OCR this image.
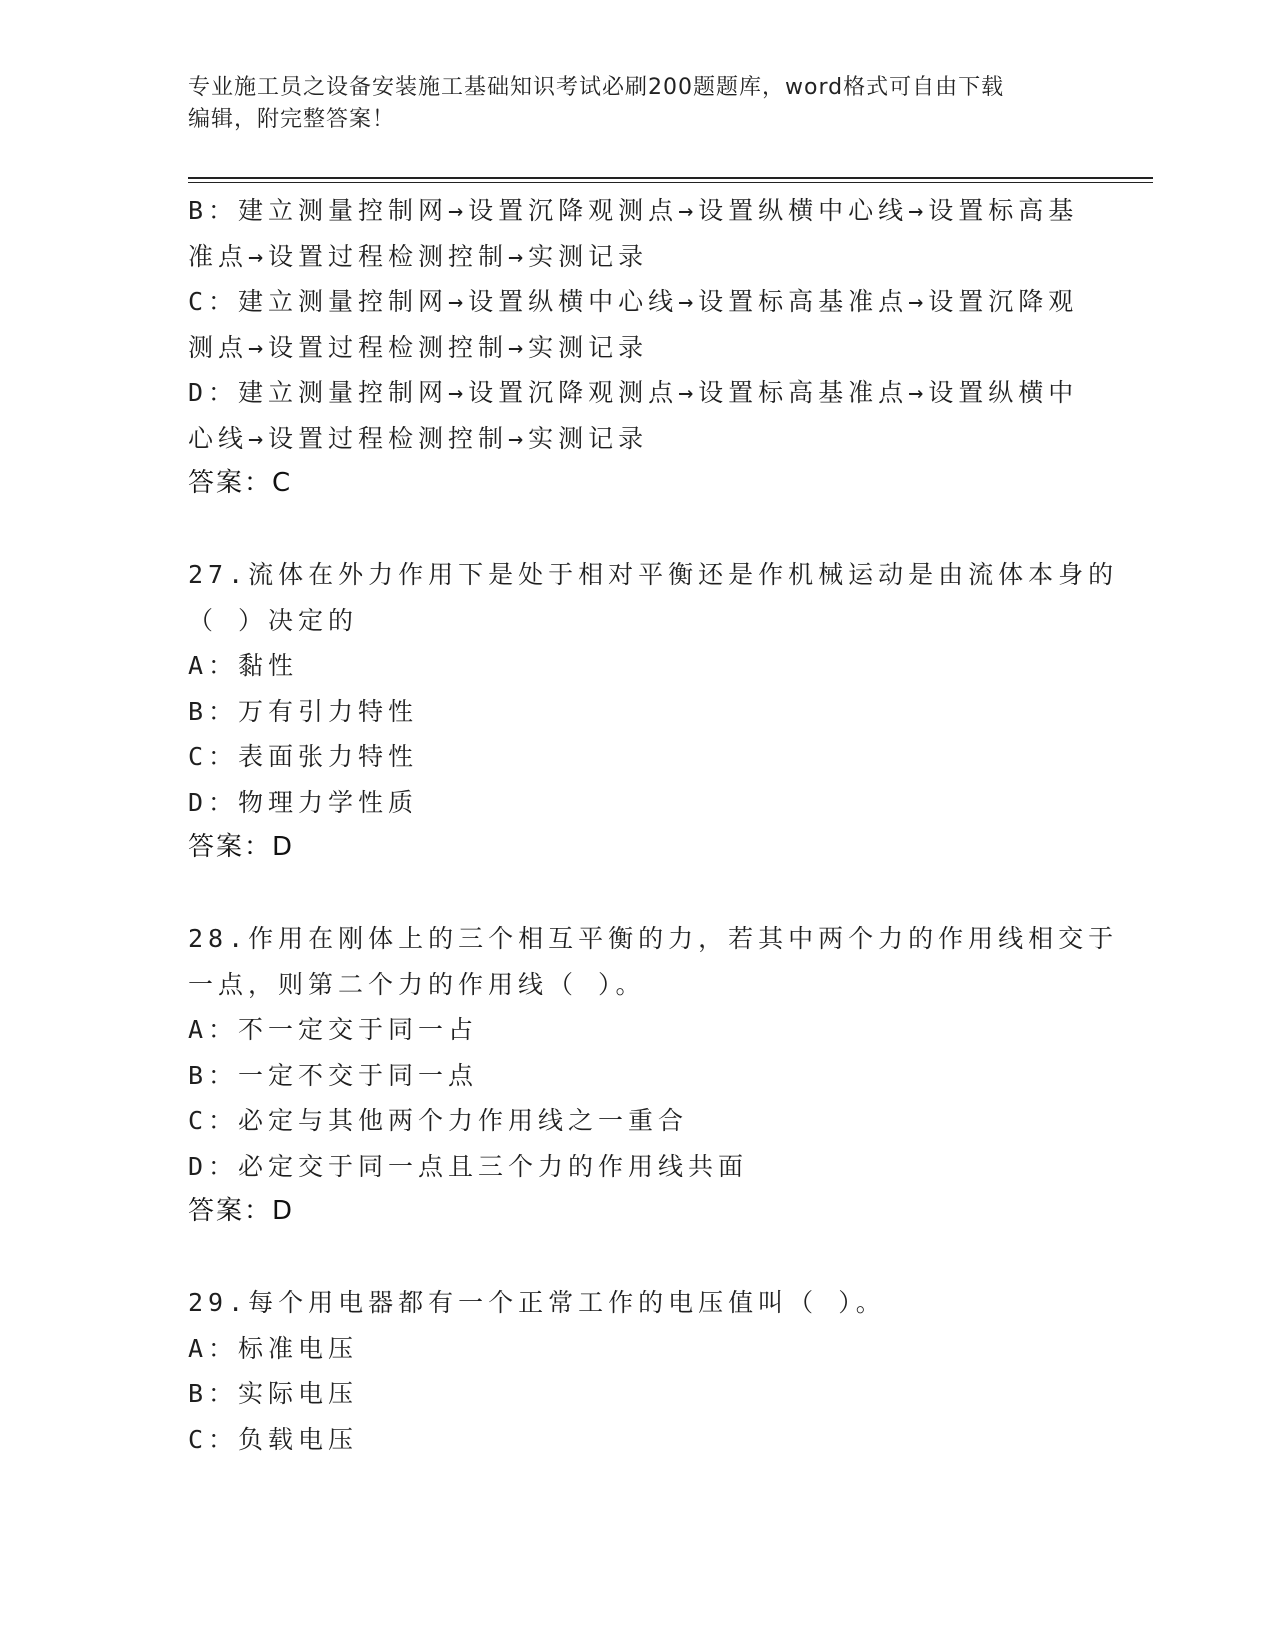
专业施工员之设备安装施工基础知识考试必刷200题题库，word格式可自由下载
编辑，附完整答案！
B：建立测量控制网→设置沉降观测点→设置纵横中心线→设置标高基
准点→设置过程检测控制→实测记录
C：建立测量控制网→设置纵横中心线→设置标高基准点→设置沉降观
测点→设置过程检测控制→实测记录
D：建立测量控制网→设置沉降观测点→设置标高基准点→设置纵横中
心线→设置过程检测控制→实测记录
答案：C
27.流体在外力作用下是处于相对平衡还是作机械运动是由流体本身的
（ ）决定的
A：黏性
B：万有引力特性
C：表面张力特性
D：物理力学性质
答案：D
28.作用在刚体上的三个相互平衡的力，若其中两个力的作用线相交于
一点，则第二个力的作用线（ ）。
A：不一定交于同一占
B：一定不交于同一点
C：必定与其他两个力作用线之一重合
D：必定交于同一点且三个力的作用线共面
答案：D
29.每个用电器都有一个正常工作的电压值叫（ ）。
A：标准电压
B：实际电压
C：负载电压
